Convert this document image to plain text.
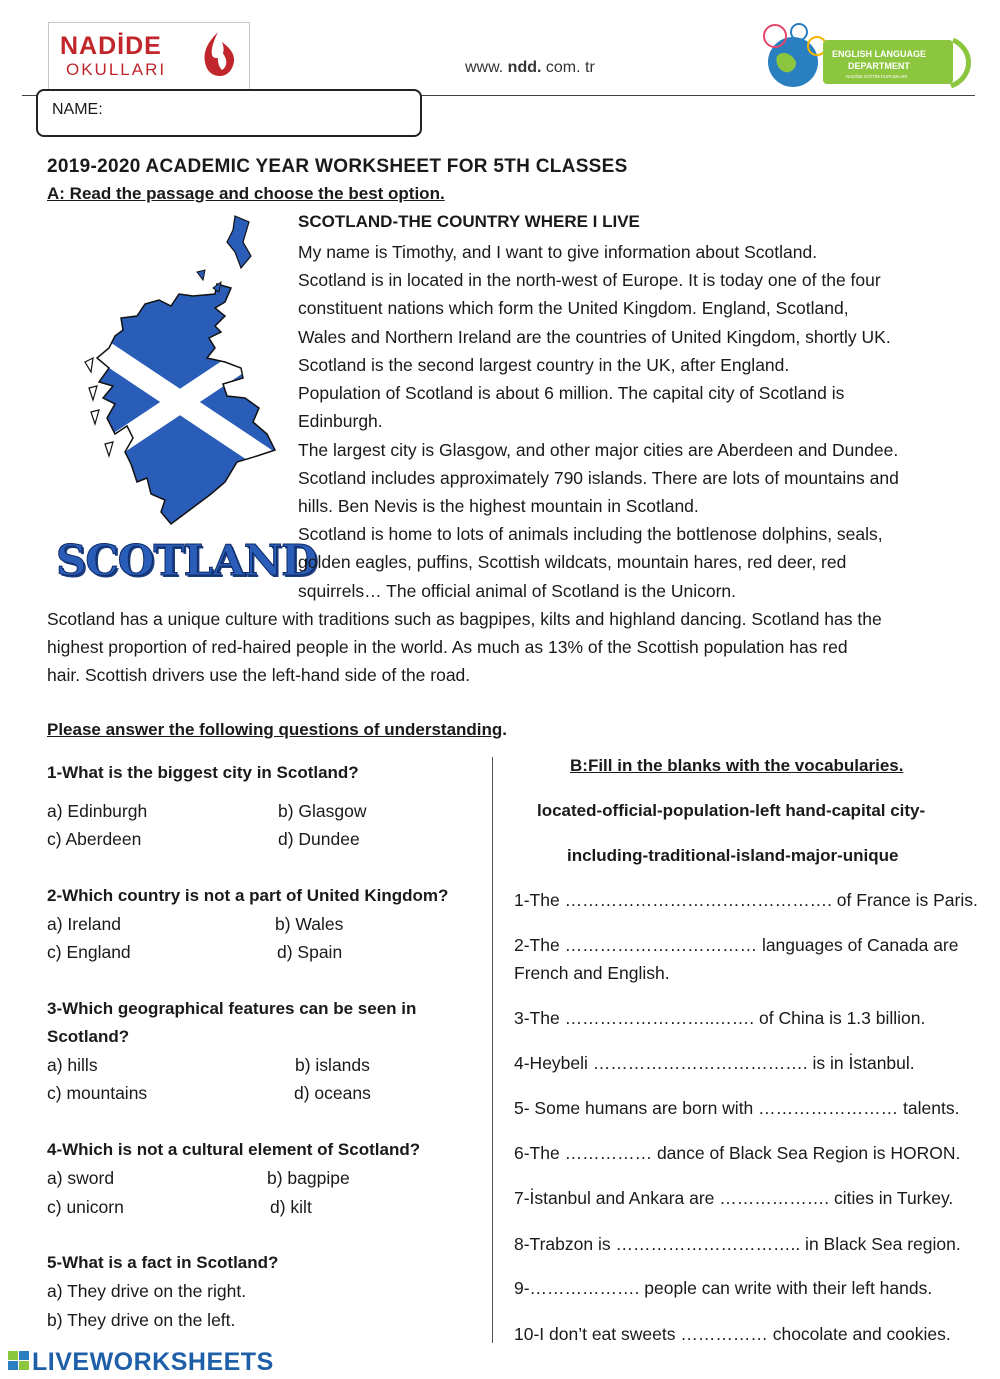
NADİDE
OKULLARI	www. ndd. com. tr
ENGLISH LANGUAGE
DEPARTMENT
NADİDE EĞİTİM KURUMLARI
NAME:
2019-2020 ACADEMIC YEAR WORKSHEET FOR 5TH CLASSES
A: Read the passage and choose the best option.
SCOTLAND
SCOTLAND-THE COUNTRY WHERE I LIVE
My name is Timothy, and I want to give information about Scotland.
Scotland is in located in the north-west of Europe. It is today one of the four
constituent nations which form the United Kingdom. England, Scotland,
Wales and Northern Ireland are the countries of United Kingdom, shortly UK.
Scotland is the second largest country in the UK, after England.
Population of Scotland is about 6 million. The capital city of Scotland is
Edinburgh.
The largest city is Glasgow, and other major cities are Aberdeen and Dundee.
Scotland includes approximately 790 islands. There are lots of mountains and
hills. Ben Nevis is the highest mountain in Scotland.
Scotland is home to lots of animals including the bottlenose dolphins, seals,
golden eagles, puffins, Scottish wildcats, mountain hares, red deer, red
squirrels… The official animal of Scotland is the Unicorn.
Scotland has a unique culture with traditions such as bagpipes, kilts and highland dancing. Scotland has the
highest proportion of red-haired people in the world. As much as 13% of the Scottish population has red
hair. Scottish drivers use the left-hand side of the road.
Please answer the following questions of understanding.
1-What is the biggest city in Scotland?
a) Edinburgh	b) Glasgow
c) Aberdeen	d) Dundee
2-Which country is not a part of United Kingdom?
a) Ireland	b) Wales
c) England	d) Spain
3-Which geographical features can be seen in
Scotland?
a) hills	b) islands
c) mountains	d) oceans
4-Which is not a cultural element of Scotland?
a) sword	b) bagpipe
c) unicorn	d) kilt
5-What is a fact in Scotland?
a) They drive on the right.
b) They drive on the left.
B:Fill in the blanks with the vocabularies.
located-official-population-left hand-capital city-
including-traditional-island-major-unique
1-The ………………………………………. of France is Paris.
2-The …………………………… languages of Canada are
French and English.
3-The ……………………..……. of China is 1.3 billion.
4-Heybeli ………………………………. is in İstanbul.
5- Some humans are born with …………………… talents.
6-The …………… dance of Black Sea Region is HORON.
7-İstanbul and Ankara are ………………. cities in Turkey.
8-Trabzon is ………………………….. in Black Sea region.
9-………………. people can write with their left hands.
10-I don’t eat sweets …………… chocolate and cookies.
LIVEWORKSHEETS
